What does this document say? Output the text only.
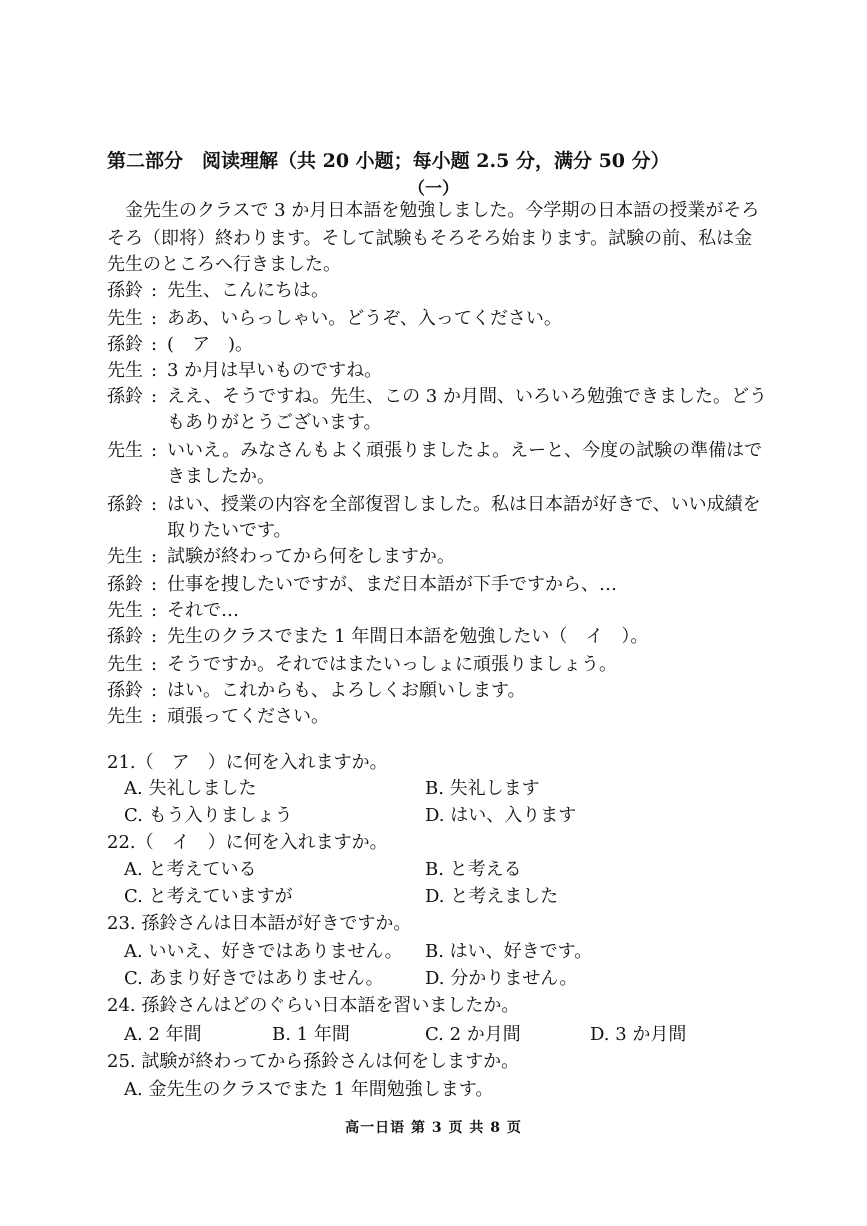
第二部分　阅读理解（共 20 小题；每小题 2.5 分，满分 50 分）
（一）
　金先生のクラスで 3 か月日本語を勉強しました。今学期の日本語の授業がそろ
そろ（即将）終わります。そして試験もそろそろ始まります。試験の前、私は金
先生のところへ行きました。
孫鈴 : 先生、こんにちは。
先生 : ああ、いらっしゃい。どうぞ、入ってください。
孫鈴 : (　ア　)。
先生 : 3 か月は早いものですね。
孫鈴 : ええ、そうですね。先生、この 3 か月間、いろいろ勉強できました。どう
もありがとうございます。
先生 : いいえ。みなさんもよく頑張りましたよ。えーと、今度の試験の準備はで
きましたか。
孫鈴 : はい、授業の内容を全部復習しました。私は日本語が好きで、いい成績を
取りたいです。
先生 : 試験が終わってから何をしますか。
孫鈴 : 仕事を捜したいですが、まだ日本語が下手ですから、…
先生 : それで…
孫鈴 : 先生のクラスでまた 1 年間日本語を勉強したい（　イ　）。
先生 : そうですか。それではまたいっしょに頑張りましょう。
孫鈴 : はい。これからも、よろしくお願いします。
先生 : 頑張ってください。
21.（　ア　）に何を入れますか。
A. 失礼しました	B. 失礼します
C. もう入りましょう	D. はい、入ります
22.（　イ　）に何を入れますか。
A. と考えている	B. と考える
C. と考えていますが	D. と考えました
23. 孫鈴さんは日本語が好きですか。
A. いいえ、好きではありません。 B. はい、好きです。
C. あまり好きではありません。 D. 分かりません。
24. 孫鈴さんはどのぐらい日本語を習いましたか。
A. 2 年間	B. 1 年間	C. 2 か月間	D. 3 か月間
25. 試験が終わってから孫鈴さんは何をしますか。
A. 金先生のクラスでまた 1 年間勉強します。
高一日语 第 3 页 共 8 页
